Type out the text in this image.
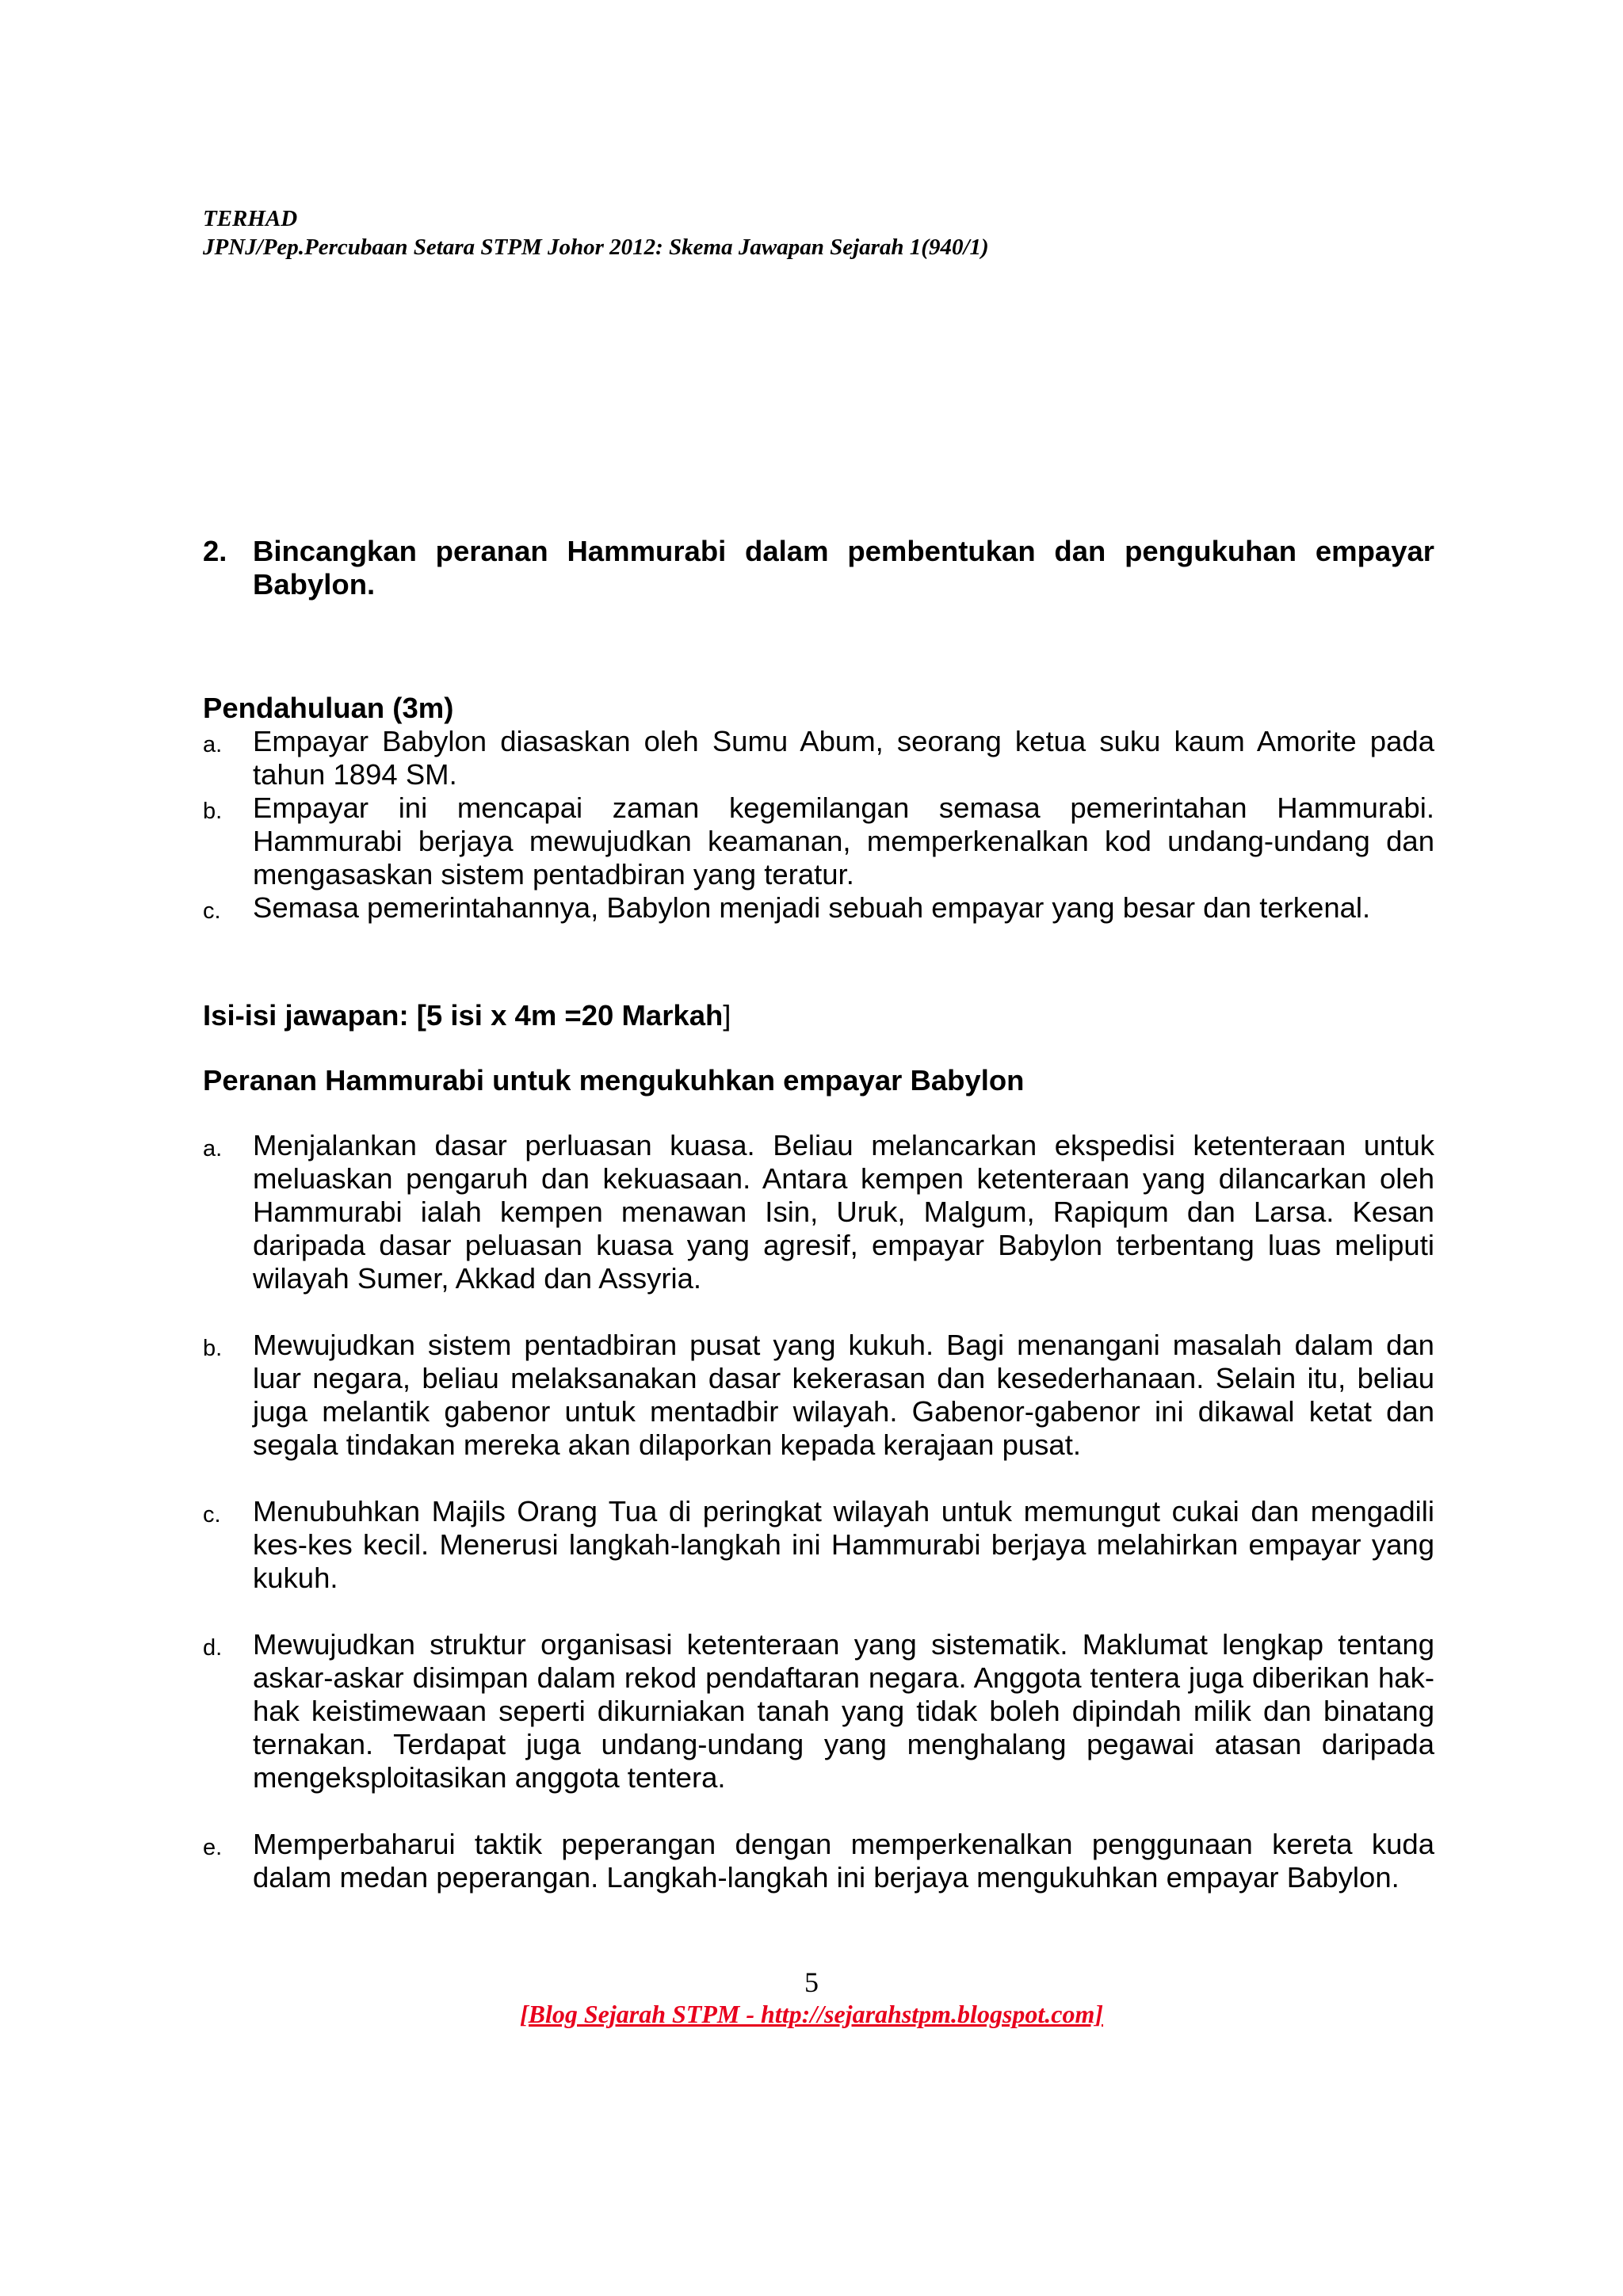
TERHAD
JPNJ/Pep.Percubaan Setara STPM Johor 2012: Skema Jawapan Sejarah 1(940/1)
2. Bincangkan peranan Hammurabi dalam pembentukan dan pengukuhan empayar Babylon.
Pendahuluan (3m)
a.	Empayar Babylon diasaskan oleh Sumu Abum, seorang ketua suku kaum Amorite pada tahun 1894 SM.
b.	Empayar ini mencapai zaman kegemilangan semasa pemerintahan Hammurabi. Hammurabi berjaya mewujudkan keamanan, memperkenalkan kod undang-undang dan mengasaskan sistem pentadbiran yang teratur.
c.	Semasa pemerintahannya, Babylon menjadi sebuah empayar yang besar dan terkenal.
Isi-isi jawapan: [5 isi x 4m =20 Markah]
Peranan Hammurabi untuk mengukuhkan empayar Babylon
a.	Menjalankan dasar perluasan kuasa. Beliau melancarkan ekspedisi ketenteraan untuk meluaskan pengaruh dan kekuasaan. Antara kempen ketenteraan yang dilancarkan oleh Hammurabi ialah kempen menawan Isin, Uruk, Malgum, Rapiqum dan Larsa. Kesan daripada dasar peluasan kuasa yang agresif, empayar Babylon terbentang luas meliputi wilayah Sumer, Akkad dan Assyria.
b.	Mewujudkan sistem pentadbiran pusat yang kukuh. Bagi menangani masalah dalam dan luar negara, beliau melaksanakan dasar kekerasan dan kesederhanaan. Selain itu, beliau juga melantik gabenor untuk mentadbir wilayah. Gabenor-gabenor ini dikawal ketat dan segala tindakan mereka akan dilaporkan kepada kerajaan pusat.
c.	Menubuhkan Majils Orang Tua di peringkat wilayah untuk memungut cukai dan mengadili kes-kes kecil. Menerusi langkah-langkah ini Hammurabi berjaya melahirkan empayar yang kukuh.
d.	Mewujudkan struktur organisasi ketenteraan yang sistematik. Maklumat lengkap tentang askar-askar disimpan dalam rekod pendaftaran negara. Anggota tentera juga diberikan hak-hak keistimewaan seperti dikurniakan tanah yang tidak boleh dipindah milik dan binatang ternakan. Terdapat juga undang-undang yang menghalang pegawai atasan daripada mengeksploitasikan anggota tentera.
e.	Memperbaharui taktik peperangan dengan memperkenalkan penggunaan kereta kuda dalam medan peperangan. Langkah-langkah ini berjaya mengukuhkan empayar Babylon.
5
[Blog Sejarah STPM - http://sejarahstpm.blogspot.com]
